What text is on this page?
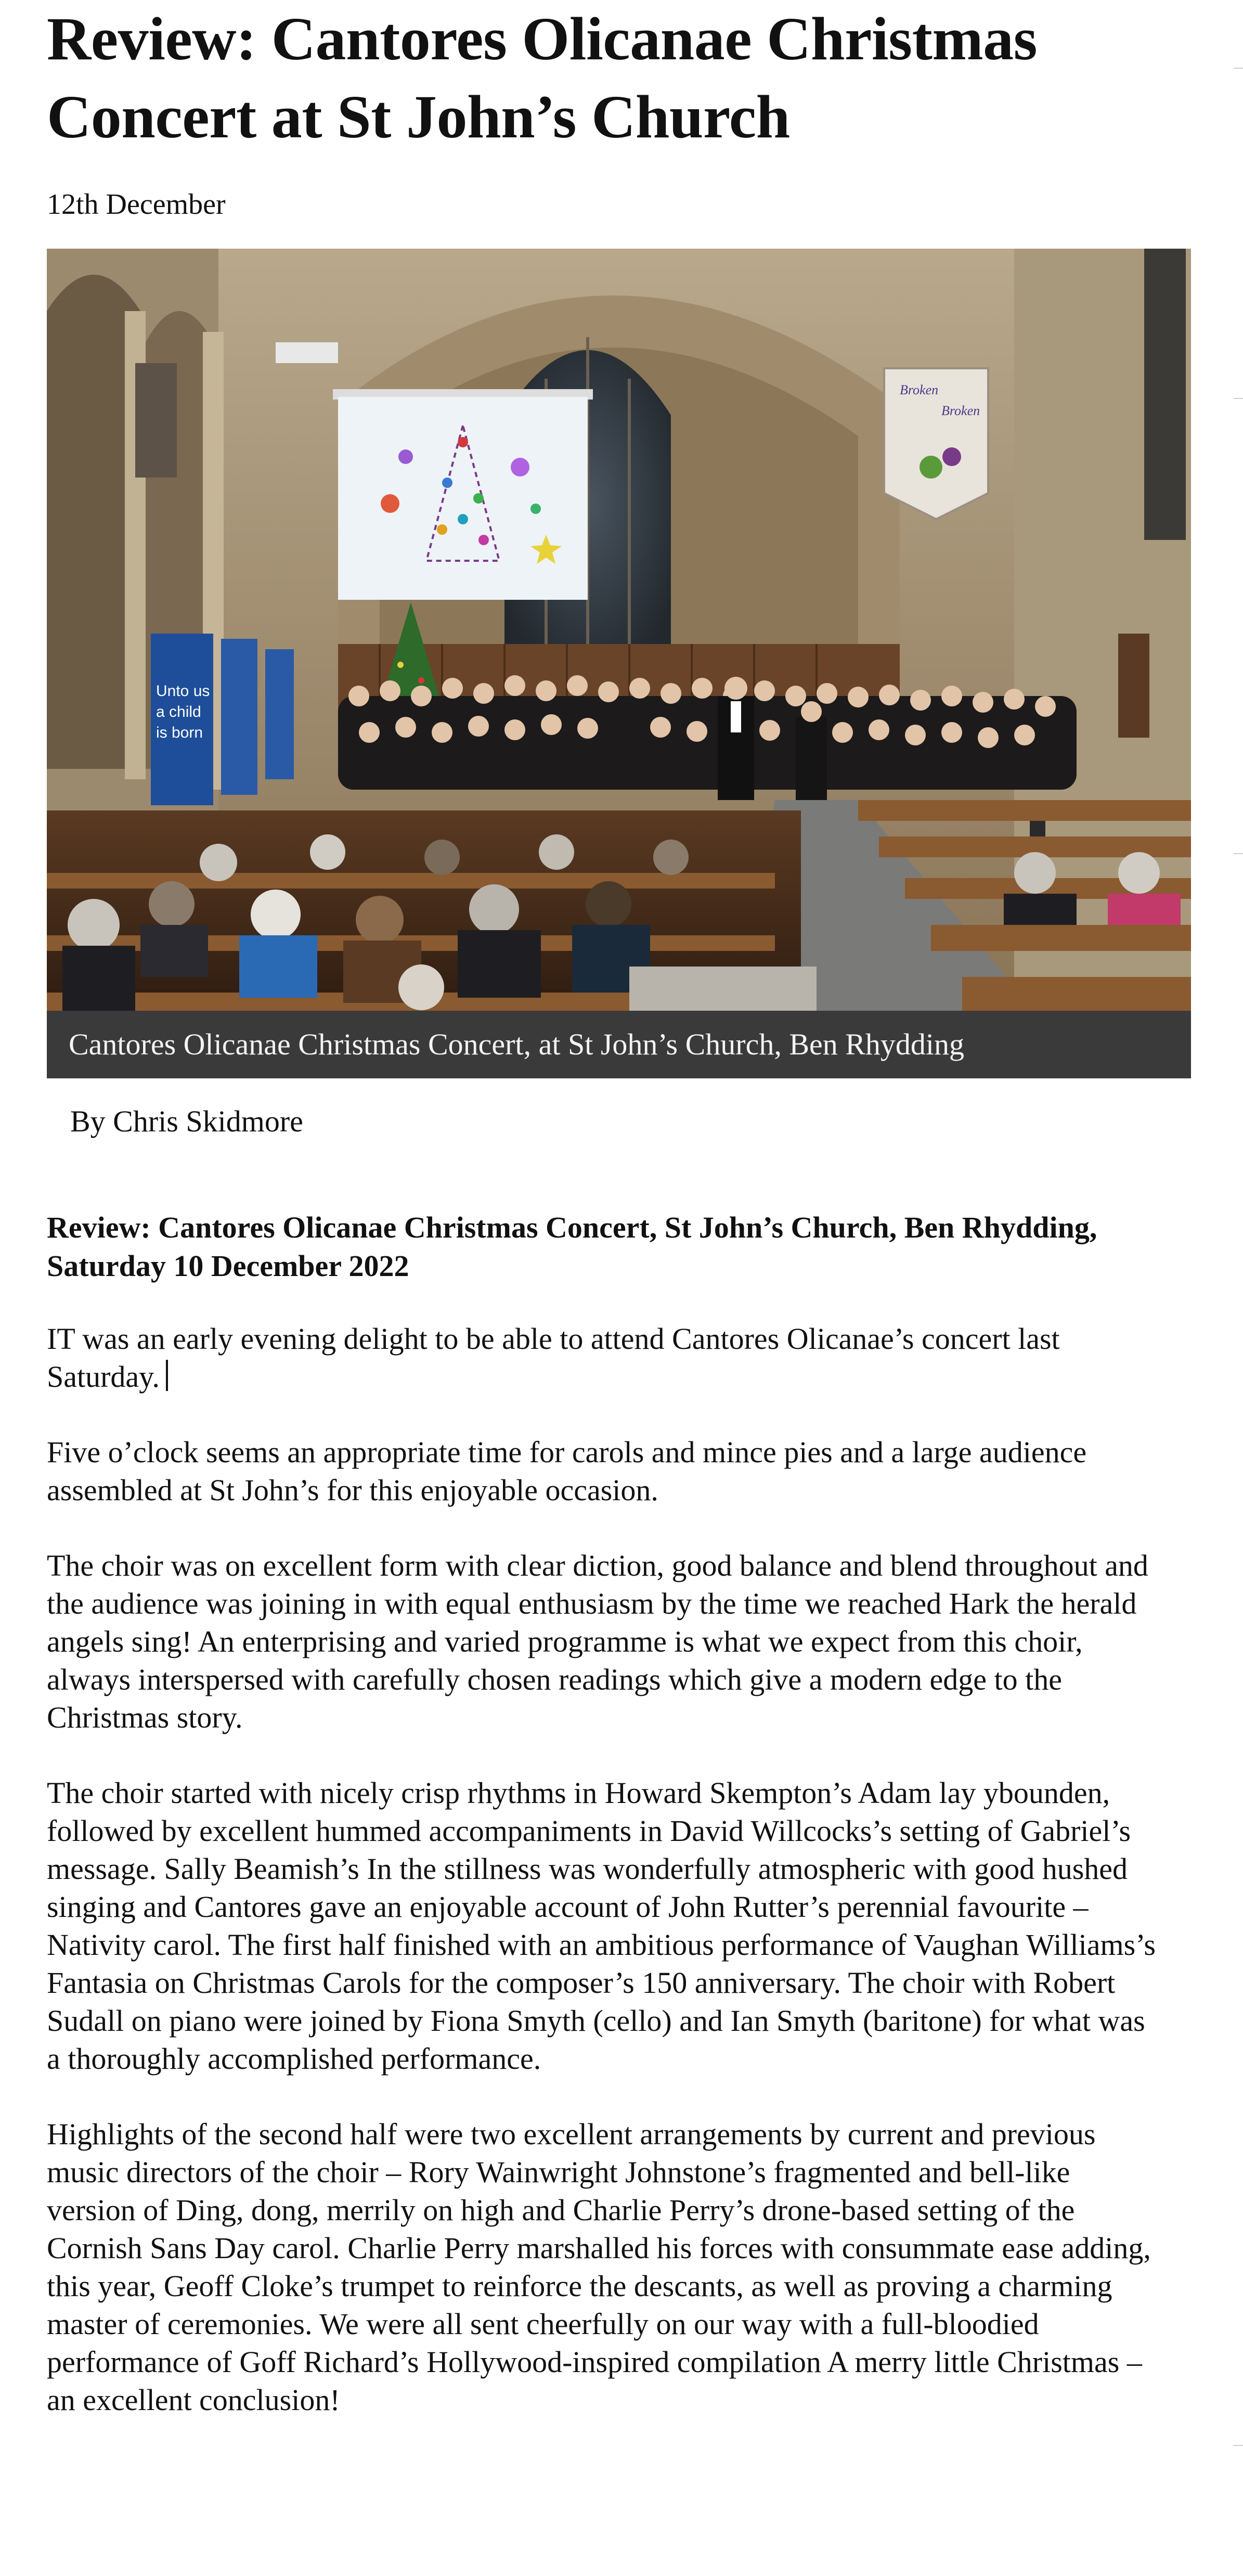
Review: Cantores Olicanae Christmas Concert at St John’s Church
12th December
Broken
Broken
Unto us
a child
is born
Cantores Olicanae Christmas Concert, at St John’s Church, Ben Rhydding
By Chris Skidmore
Review: Cantores Olicanae Christmas Concert, St John’s Church, Ben Rhydding, Saturday 10 December 2022
IT was an early evening delight to be able to attend Cantores Olicanae’s concert last Saturday.
Five o’clock seems an appropriate time for carols and mince pies and a large audience assembled at St John’s for this enjoyable occasion.
The choir was on excellent form with clear diction, good balance and blend throughout and the audience was joining in with equal enthusiasm by the time we reached Hark the herald angels sing! An enterprising and varied programme is what we expect from this choir, always interspersed with carefully chosen readings which give a modern edge to the Christmas story.
The choir started with nicely crisp rhythms in Howard Skempton’s Adam lay ybounden, followed by excellent hummed accompaniments in David Willcocks’s setting of Gabriel’s message. Sally Beamish’s In the stillness was wonderfully atmospheric with good hushed singing and Cantores gave an enjoyable account of John Rutter’s perennial favourite – Nativity carol. The first half finished with an ambitious performance of Vaughan Williams’s Fantasia on Christmas Carols for the composer’s 150 anniversary. The choir with Robert Sudall on piano were joined by Fiona Smyth (cello) and Ian Smyth (baritone) for what was a thoroughly accomplished performance.
Highlights of the second half were two excellent arrangements by current and previous music directors of the choir – Rory Wainwright Johnstone’s fragmented and bell-like version of Ding, dong, merrily on high and Charlie Perry’s drone-based setting of the Cornish Sans Day carol. Charlie Perry marshalled his forces with consummate ease adding, this year, Geoff Cloke’s trumpet to reinforce the descants, as well as proving a charming master of ceremonies. We were all sent cheerfully on our way with a full-bloodied performance of Goff Richard’s Hollywood-inspired compilation A merry little Christmas – an excellent conclusion!
